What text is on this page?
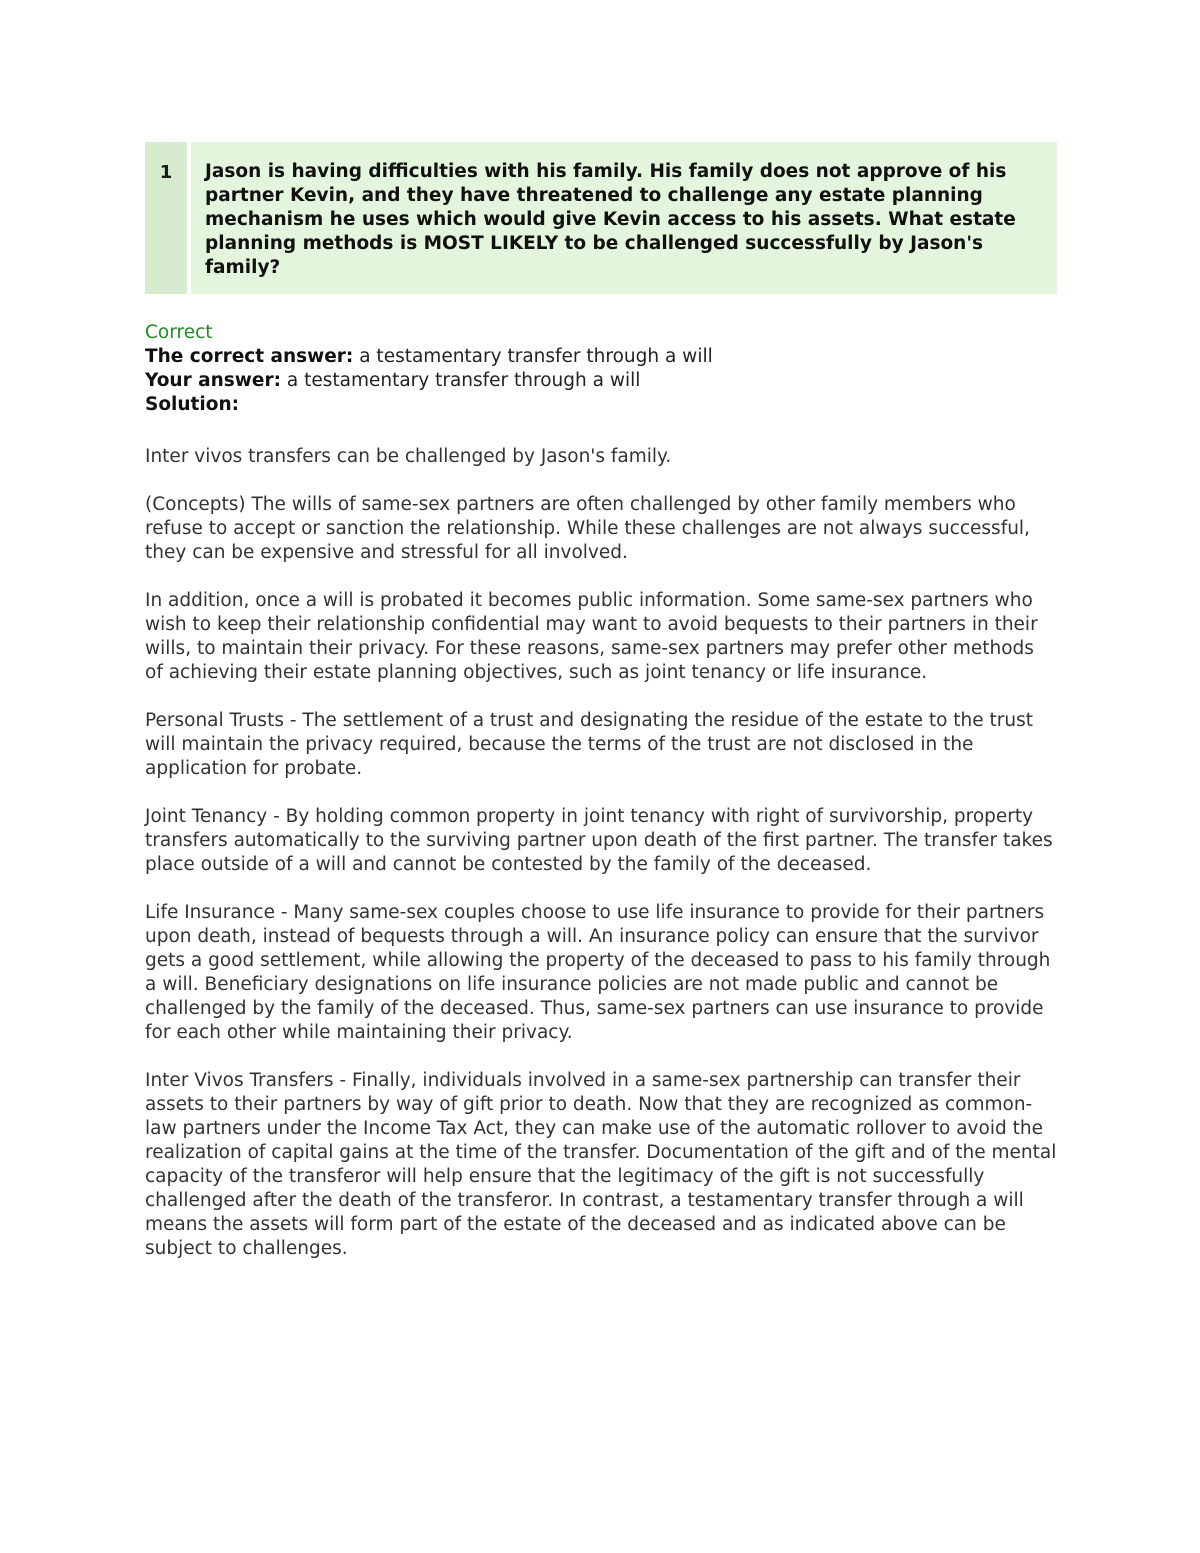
1	Jason is having difficulties with his family. His family does not approve of his partner Kevin, and they have threatened to challenge any estate planning mechanism he uses which would give Kevin access to his assets. What estate planning methods is MOST LIKELY to be challenged successfully by Jason's family?
Correct
The correct answer: a testamentary transfer through a will
Your answer: a testamentary transfer through a will
Solution:

Inter vivos transfers can be challenged by Jason's family.

(Concepts) The wills of same-sex partners are often challenged by other family members who refuse to accept or sanction the relationship. While these challenges are not always successful, they can be expensive and stressful for all involved.

In addition, once a will is probated it becomes public information. Some same-sex partners who wish to keep their relationship confidential may want to avoid bequests to their partners in their wills, to maintain their privacy. For these reasons, same-sex partners may prefer other methods of achieving their estate planning objectives, such as joint tenancy or life insurance.

Personal Trusts - The settlement of a trust and designating the residue of the estate to the trust will maintain the privacy required, because the terms of the trust are not disclosed in the application for probate.

Joint Tenancy - By holding common property in joint tenancy with right of survivorship, property transfers automatically to the surviving partner upon death of the first partner. The transfer takes place outside of a will and cannot be contested by the family of the deceased.

Life Insurance - Many same-sex couples choose to use life insurance to provide for their partners upon death, instead of bequests through a will. An insurance policy can ensure that the survivor gets a good settlement, while allowing the property of the deceased to pass to his family through a will. Beneficiary designations on life insurance policies are not made public and cannot be challenged by the family of the deceased. Thus, same-sex partners can use insurance to provide for each other while maintaining their privacy.

Inter Vivos Transfers - Finally, individuals involved in a same-sex partnership can transfer their assets to their partners by way of gift prior to death. Now that they are recognized as common-law partners under the Income Tax Act, they can make use of the automatic rollover to avoid the realization of capital gains at the time of the transfer. Documentation of the gift and of the mental capacity of the transferor will help ensure that the legitimacy of the gift is not successfully challenged after the death of the transferor. In contrast, a testamentary transfer through a will means the assets will form part of the estate of the deceased and as indicated above can be subject to challenges.
